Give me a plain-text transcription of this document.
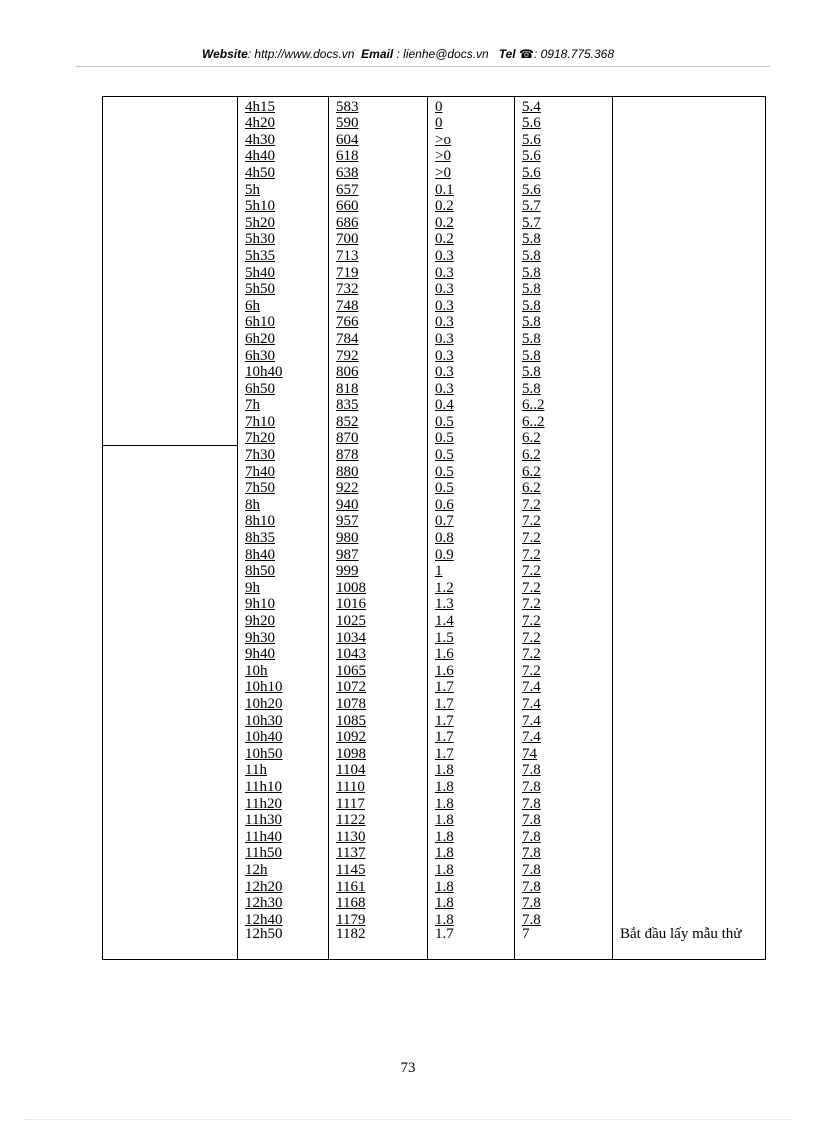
Website: http://www.docs.vn Email : lienhe@docs.vn Tel ☎: 0918.775.368
	4h15	583	0	5.4	
	4h20	590	0	5.6	
	4h30	604	>o	5.6	
	4h40	618	>0	5.6	
	4h50	638	>0	5.6	
	5h	657	0.1	5.6	
	5h10	660	0.2	5.7	
	5h20	686	0.2	5.7	
	5h30	700	0.2	5.8	
	5h35	713	0.3	5.8	
	5h40	719	0.3	5.8	
	5h50	732	0.3	5.8	
	6h	748	0.3	5.8	
	6h10	766	0.3	5.8	
	6h20	784	0.3	5.8	
	6h30	792	0.3	5.8	
	10h40	806	0.3	5.8	
	6h50	818	0.3	5.8	
	7h	835	0.4	6..2	
	7h10	852	0.5	6..2	
	7h20	870	0.5	6.2	
	7h30	878	0.5	6.2	
	7h40	880	0.5	6.2	
	7h50	922	0.5	6.2	
	8h	940	0.6	7.2	
	8h10	957	0.7	7.2	
	8h35	980	0.8	7.2	
	8h40	987	0.9	7.2	
	8h50	999	1	7.2	
	9h	1008	1.2	7.2	
	9h10	1016	1.3	7.2	
	9h20	1025	1.4	7.2	
	9h30	1034	1.5	7.2	
	9h40	1043	1.6	7.2	
	10h	1065	1.6	7.2	
	10h10	1072	1.7	7.4	
	10h20	1078	1.7	7.4	
	10h30	1085	1.7	7.4	
	10h40	1092	1.7	7.4	
	10h50	1098	1.7	74	
	11h	1104	1.8	7.8	
	11h10	1110	1.8	7.8	
	11h20	1117	1.8	7.8	
	11h30	1122	1.8	7.8	
	11h40	1130	1.8	7.8	
	11h50	1137	1.8	7.8	
	12h	1145	1.8	7.8	
	12h20	1161	1.8	7.8	
	12h30	1168	1.8	7.8	
	12h40	1179	1.8	7.8	
	12h50	1182	1.7	7	Bắt đầu lấy mẫu thử
73
